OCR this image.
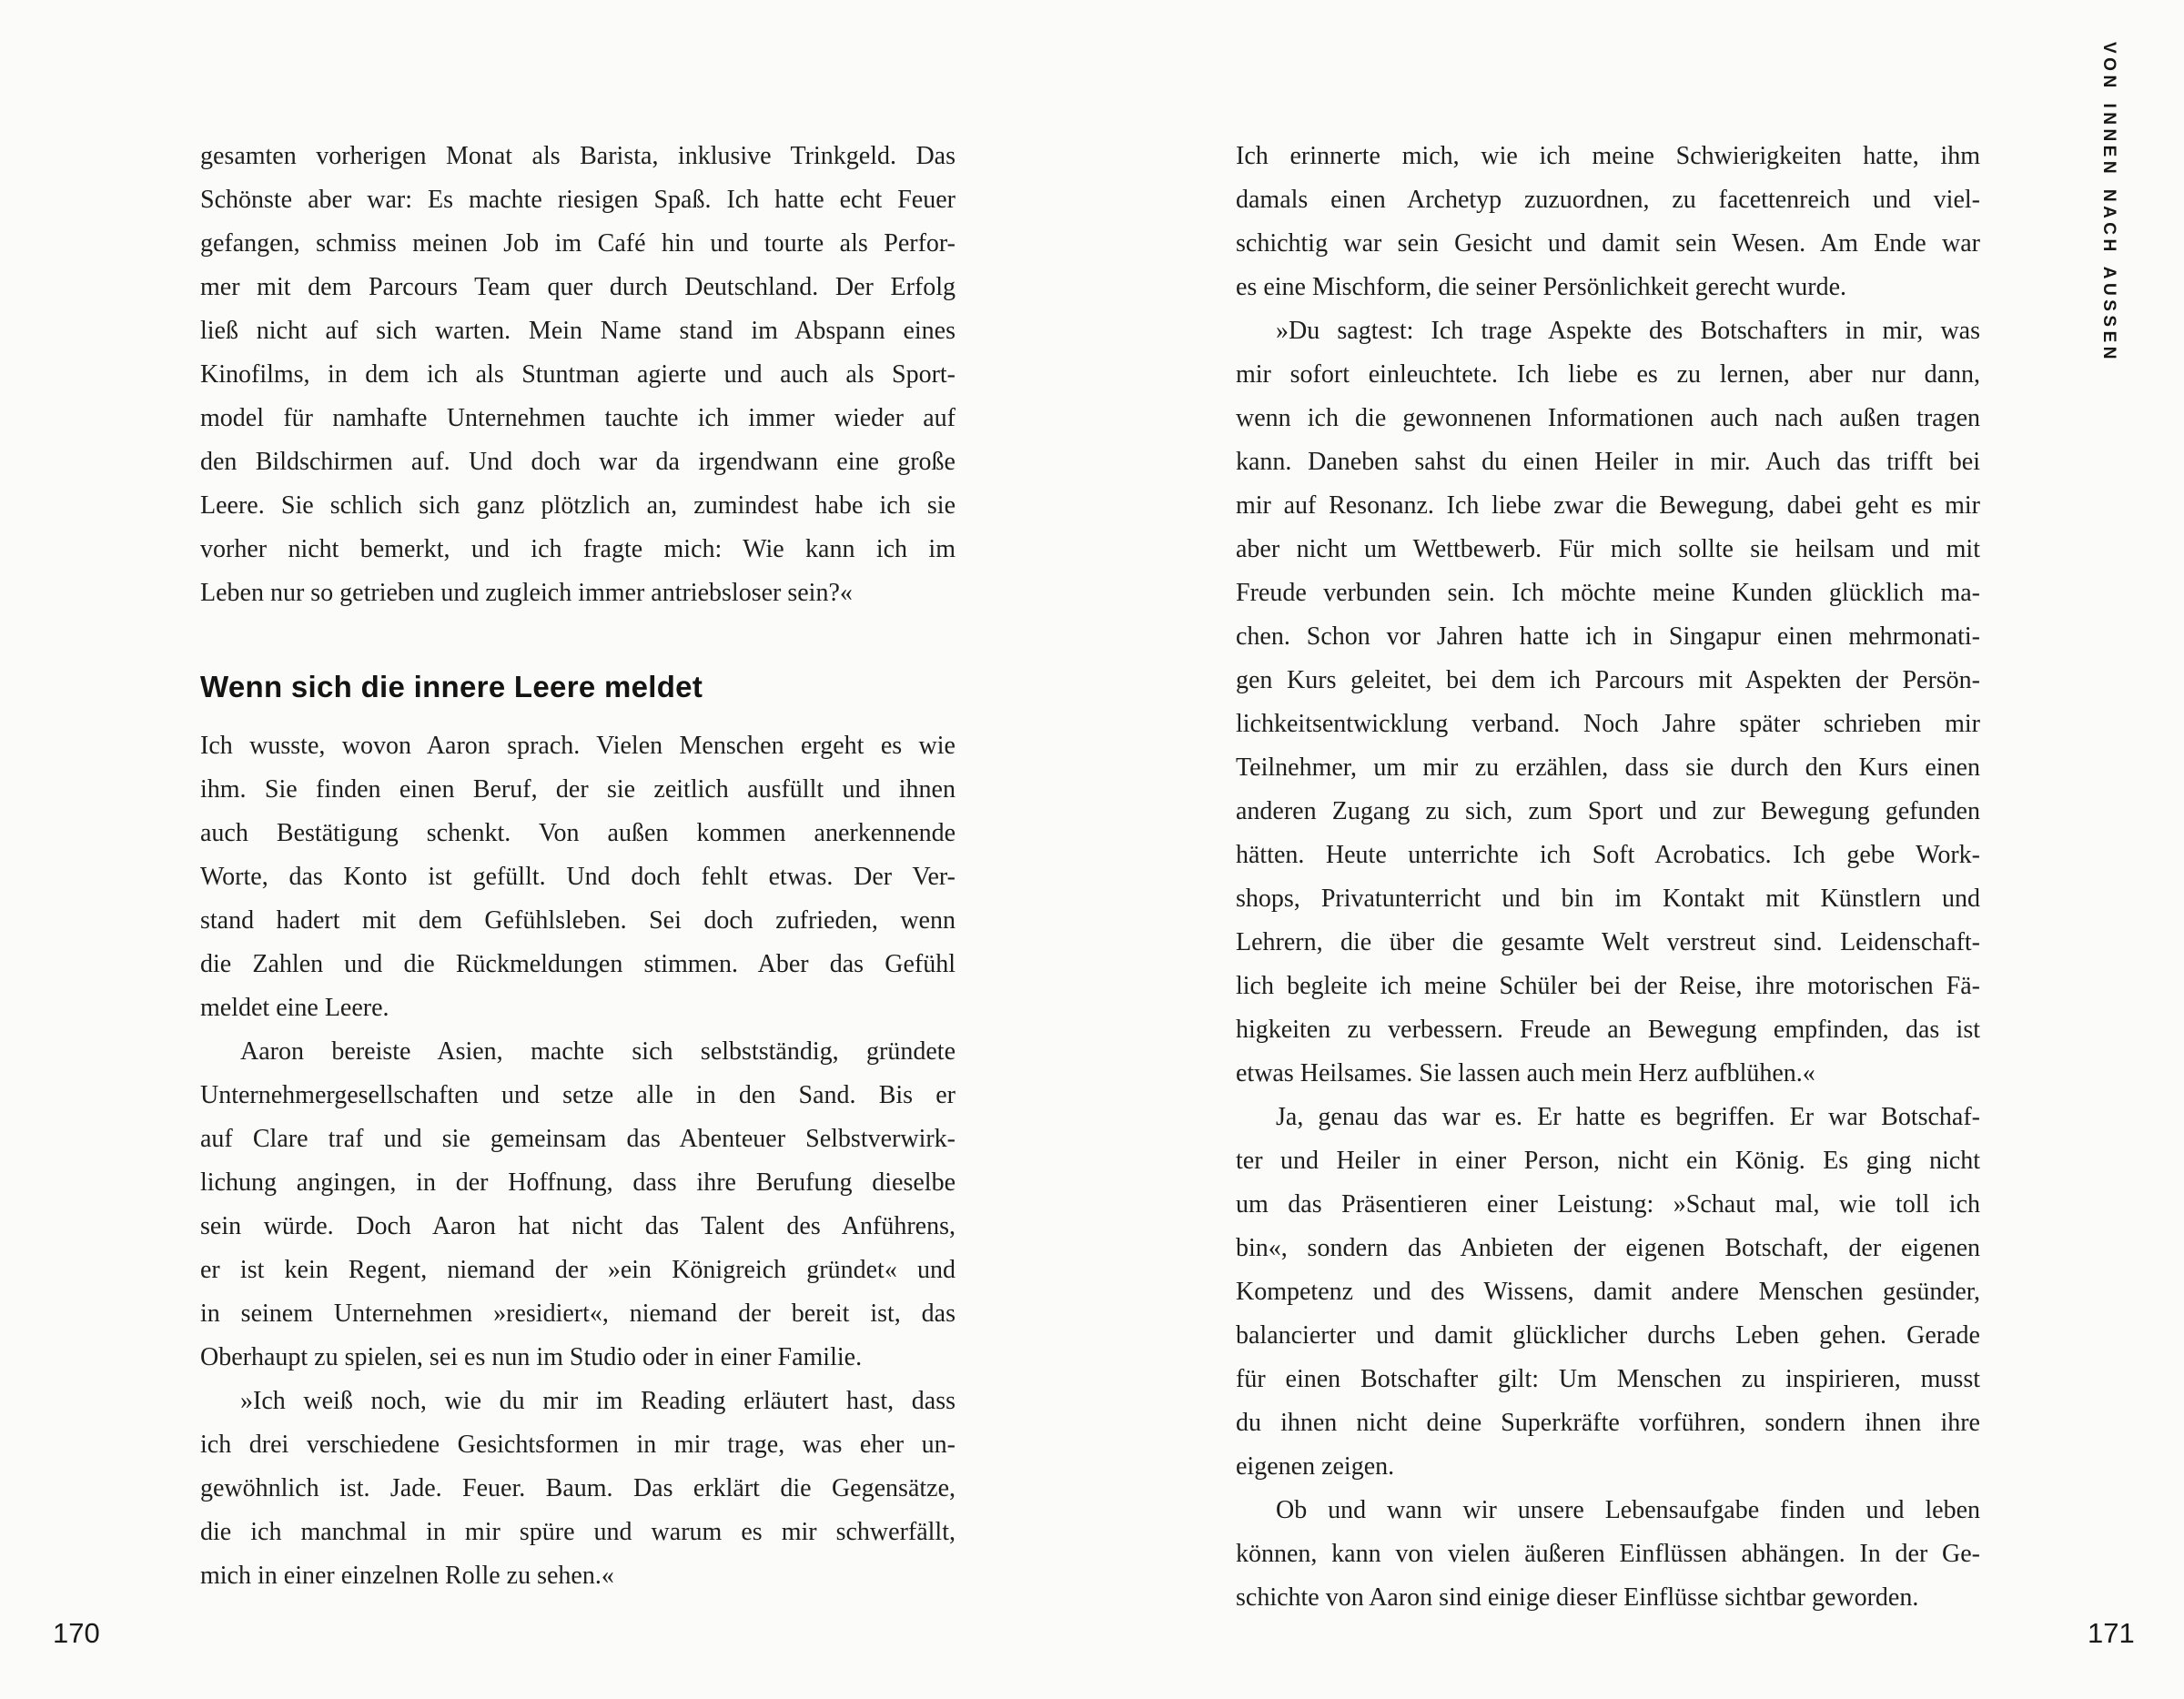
gesamten vorherigen Monat als Barista, inklusive Trinkgeld. Das
Schönste aber war: Es machte riesigen Spaß. Ich hatte echt Feuer
gefangen, schmiss meinen Job im Café hin und tourte als Perfor-
mer mit dem Parcours Team quer durch Deutschland. Der Erfolg
ließ nicht auf sich warten. Mein Name stand im Abspann eines
Kinofilms, in dem ich als Stuntman agierte und auch als Sport-
model für namhafte Unternehmen tauchte ich immer wieder auf
den Bildschirmen auf. Und doch war da irgendwann eine große
Leere. Sie schlich sich ganz plötzlich an, zumindest habe ich sie
vorher nicht bemerkt, und ich fragte mich: Wie kann ich im
Leben nur so getrieben und zugleich immer antriebsloser sein?«
Wenn sich die innere Leere meldet
Ich wusste, wovon Aaron sprach. Vielen Menschen ergeht es wie
ihm. Sie finden einen Beruf, der sie zeitlich ausfüllt und ihnen
auch Bestätigung schenkt. Von außen kommen anerkennende
Worte, das Konto ist gefüllt. Und doch fehlt etwas. Der Ver-
stand hadert mit dem Gefühlsleben. Sei doch zufrieden, wenn
die Zahlen und die Rückmeldungen stimmen. Aber das Gefühl
meldet eine Leere.
Aaron bereiste Asien, machte sich selbstständig, gründete
Unternehmergesellschaften und setze alle in den Sand. Bis er
auf Clare traf und sie gemeinsam das Abenteuer Selbstverwirk-
lichung angingen, in der Hoffnung, dass ihre Berufung dieselbe
sein würde. Doch Aaron hat nicht das Talent des Anführens,
er ist kein Regent, niemand der »ein Königreich gründet« und
in seinem Unternehmen »residiert«, niemand der bereit ist, das
Oberhaupt zu spielen, sei es nun im Studio oder in einer Familie.
»Ich weiß noch, wie du mir im Reading erläutert hast, dass
ich drei verschiedene Gesichtsformen in mir trage, was eher un-
gewöhnlich ist. Jade. Feuer. Baum. Das erklärt die Gegensätze,
die ich manchmal in mir spüre und warum es mir schwerfällt,
mich in einer einzelnen Rolle zu sehen.«
Ich erinnerte mich, wie ich meine Schwierigkeiten hatte, ihm
damals einen Archetyp zuzuordnen, zu facettenreich und viel-
schichtig war sein Gesicht und damit sein Wesen. Am Ende war
es eine Mischform, die seiner Persönlichkeit gerecht wurde.
»Du sagtest: Ich trage Aspekte des Botschafters in mir, was
mir sofort einleuchtete. Ich liebe es zu lernen, aber nur dann,
wenn ich die gewonnenen Informationen auch nach außen tragen
kann. Daneben sahst du einen Heiler in mir. Auch das trifft bei
mir auf Resonanz. Ich liebe zwar die Bewegung, dabei geht es mir
aber nicht um Wettbewerb. Für mich sollte sie heilsam und mit
Freude verbunden sein. Ich möchte meine Kunden glücklich ma-
chen. Schon vor Jahren hatte ich in Singapur einen mehrmonati-
gen Kurs geleitet, bei dem ich Parcours mit Aspekten der Persön-
lichkeitsentwicklung verband. Noch Jahre später schrieben mir
Teilnehmer, um mir zu erzählen, dass sie durch den Kurs einen
anderen Zugang zu sich, zum Sport und zur Bewegung gefunden
hätten. Heute unterrichte ich Soft Acrobatics. Ich gebe Work-
shops, Privatunterricht und bin im Kontakt mit Künstlern und
Lehrern, die über die gesamte Welt verstreut sind. Leidenschaft-
lich begleite ich meine Schüler bei der Reise, ihre motorischen Fä-
higkeiten zu verbessern. Freude an Bewegung empfinden, das ist
etwas Heilsames. Sie lassen auch mein Herz aufblühen.«
Ja, genau das war es. Er hatte es begriffen. Er war Botschaf-
ter und Heiler in einer Person, nicht ein König. Es ging nicht
um das Präsentieren einer Leistung: »Schaut mal, wie toll ich
bin«, sondern das Anbieten der eigenen Botschaft, der eigenen
Kompetenz und des Wissens, damit andere Menschen gesünder,
balancierter und damit glücklicher durchs Leben gehen. Gerade
für einen Botschafter gilt: Um Menschen zu inspirieren, musst
du ihnen nicht deine Superkräfte vorführen, sondern ihnen ihre
eigenen zeigen.
Ob und wann wir unsere Lebensaufgabe finden und leben
können, kann von vielen äußeren Einflüssen abhängen. In der Ge-
schichte von Aaron sind einige dieser Einflüsse sichtbar geworden.
VON INNEN NACH AUSSEN
170	171
